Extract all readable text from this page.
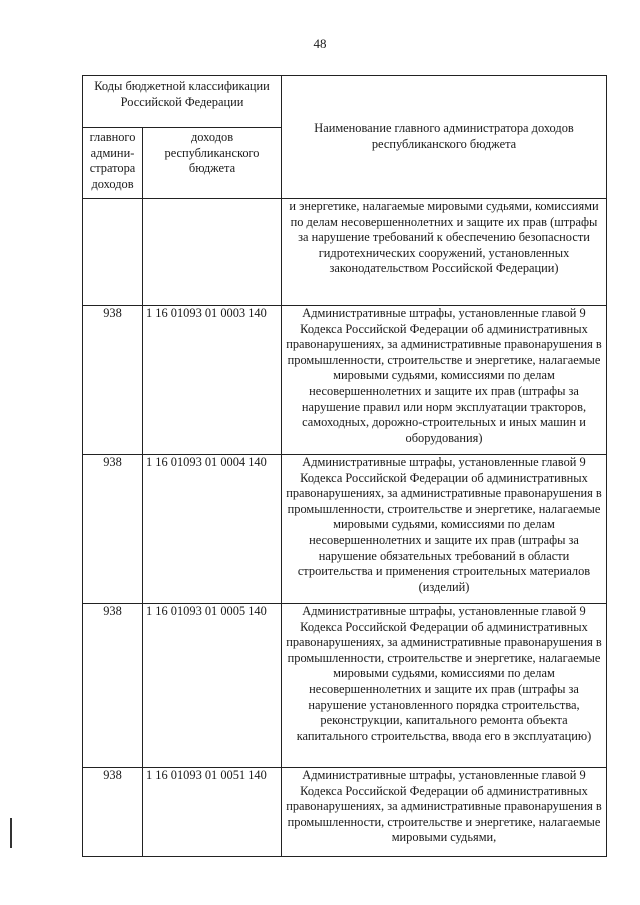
48
Коды бюджетной классификации Российской Федерации		Наименование главного администратора доходов республиканского бюджета
главного админи-стратора доходов	доходов республиканского бюджета	
		и энергетике, налагаемые мировыми судьями, комиссиями по делам несовершеннолетних и защите их прав (штрафы за нарушение требований к обеспечению безопасности гидротехнических сооружений, установленных законодательством Российской Федерации)
938	1 16 01093 01 0003 140	Административные штрафы, установленные главой 9 Кодекса Российской Федерации об административных правонарушениях, за административные правонарушения в промышленности, строительстве и энергетике, налагаемые мировыми судьями, комиссиями по делам несовершеннолетних и защите их прав (штрафы за нарушение правил или норм эксплуатации тракторов, самоходных, дорожно-строительных и иных машин и оборудования)
938	1 16 01093 01 0004 140	Административные штрафы, установленные главой 9 Кодекса Российской Федерации об административных правонарушениях, за административные правонарушения в промышленности, строительстве и энергетике, налагаемые мировыми судьями, комиссиями по делам несовершеннолетних и защите их прав (штрафы за нарушение обязательных требований в области строительства и применения строительных материалов (изделий)
938	1 16 01093 01 0005 140	Административные штрафы, установленные главой 9 Кодекса Российской Федерации об административных правонарушениях, за административные правонарушения в промышленности, строительстве и энергетике, налагаемые мировыми судьями, комиссиями по делам несовершеннолетних и защите их прав (штрафы за нарушение установленного порядка строительства, реконструкции, капитального ремонта объекта капитального строительства, ввода его в эксплуатацию)
938	1 16 01093 01 0051 140	Административные штрафы, установленные главой 9 Кодекса Российской Федерации об административных правонарушениях, за административные правонарушения в промышленности, строительстве и энергетике, налагаемые мировыми судьями,
